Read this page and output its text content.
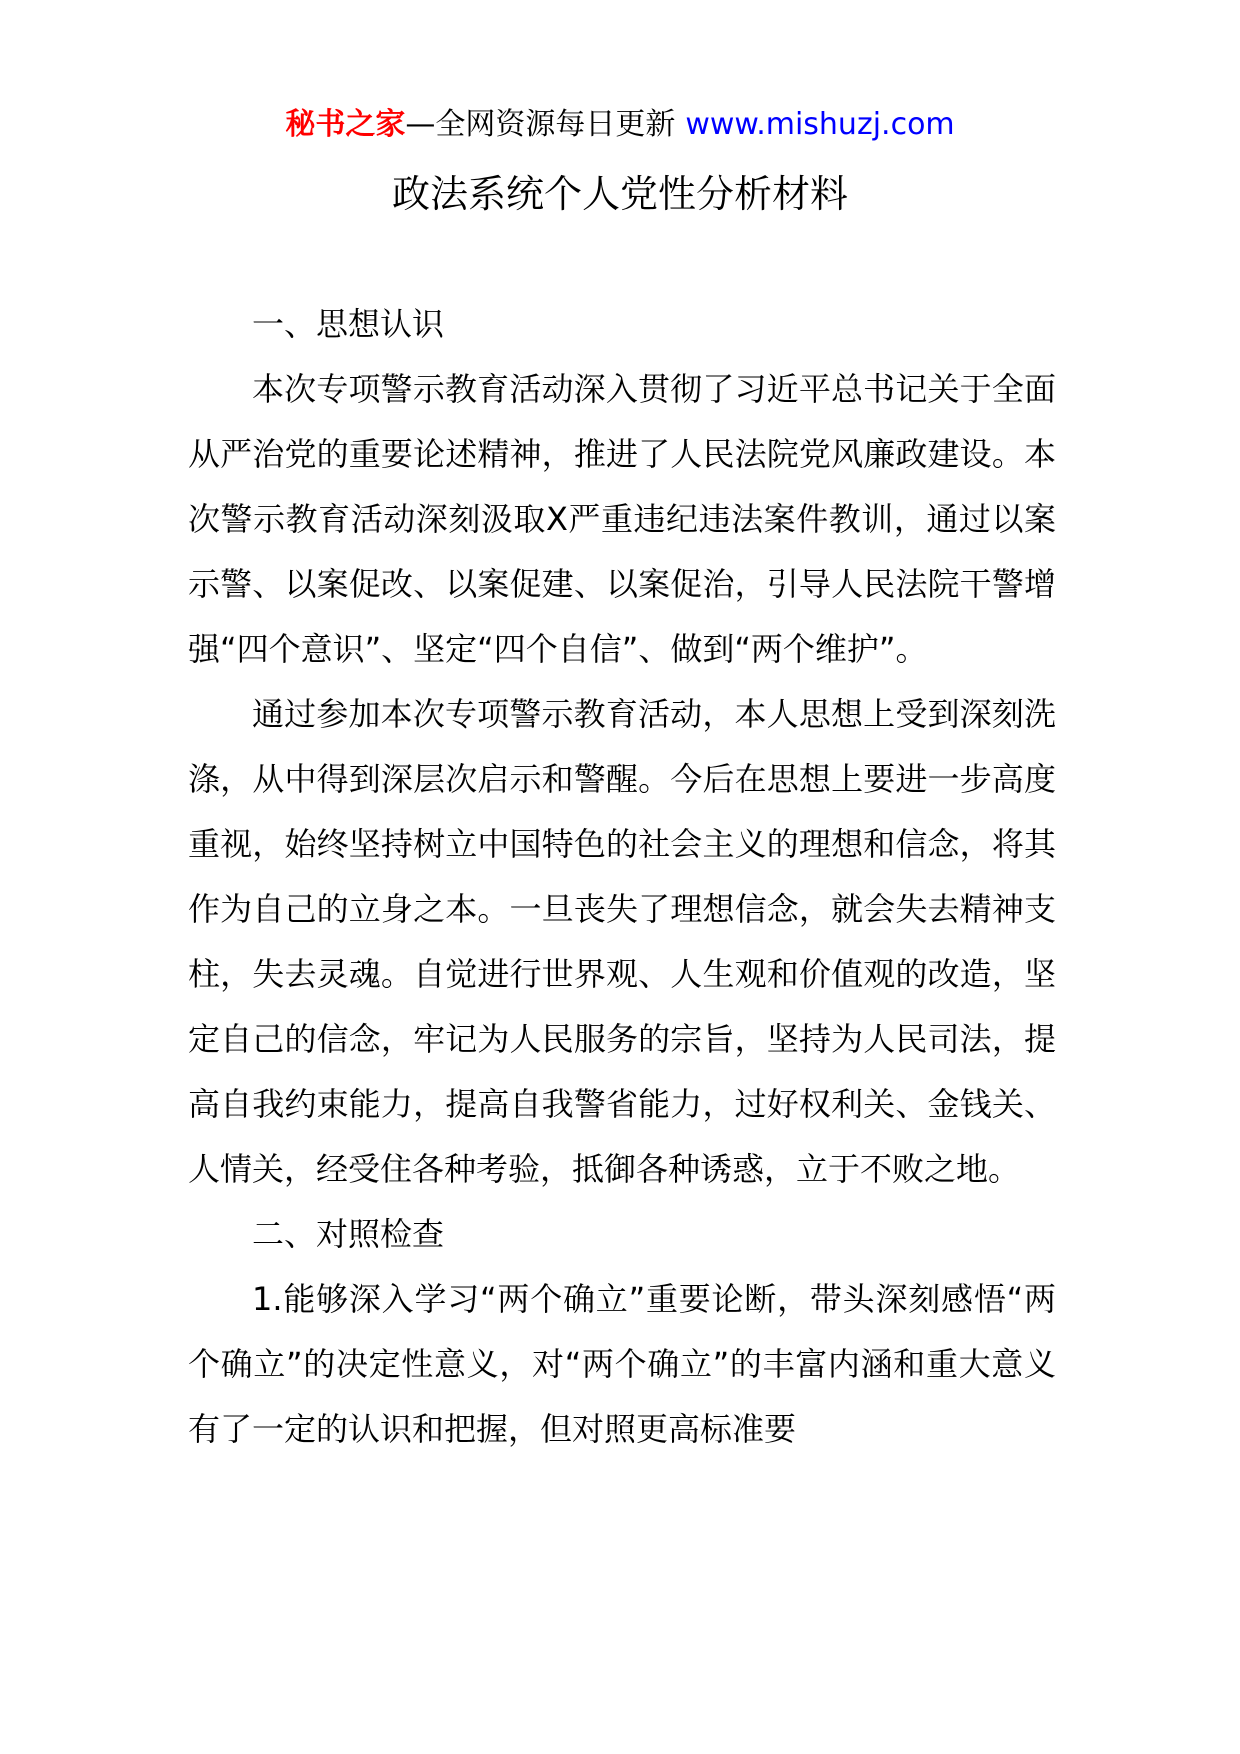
秘书之家—全网资源每日更新 www.mishuzj.com
政法系统个人党性分析材料

一、思想认识

本次专项警示教育活动深入贯彻了习近平总书记关于全面从严治党的重要论述精神，推进了人民法院党风廉政建设。本次警示教育活动深刻汲取X严重违纪违法案件教训，通过以案示警、以案促改、以案促建、以案促治，引导人民法院干警增强“四个意识”、坚定“四个自信”、做到“两个维护”。

通过参加本次专项警示教育活动，本人思想上受到深刻洗涤，从中得到深层次启示和警醒。今后在思想上要进一步高度重视，始终坚持树立中国特色的社会主义的理想和信念，将其作为自己的立身之本。一旦丧失了理想信念，就会失去精神支柱，失去灵魂。自觉进行世界观、人生观和价值观的改造，坚定自己的信念，牢记为人民服务的宗旨，坚持为人民司法，提高自我约束能力，提高自我警省能力，过好权利关、金钱关、人情关，经受住各种考验，抵御各种诱惑，立于不败之地。

二、对照检查

1.能够深入学习“两个确立”重要论断，带头深刻感悟“两个确立”的决定性意义，对“两个确立”的丰富内涵和重大意义有了一定的认识和把握，但对照更高标准要
